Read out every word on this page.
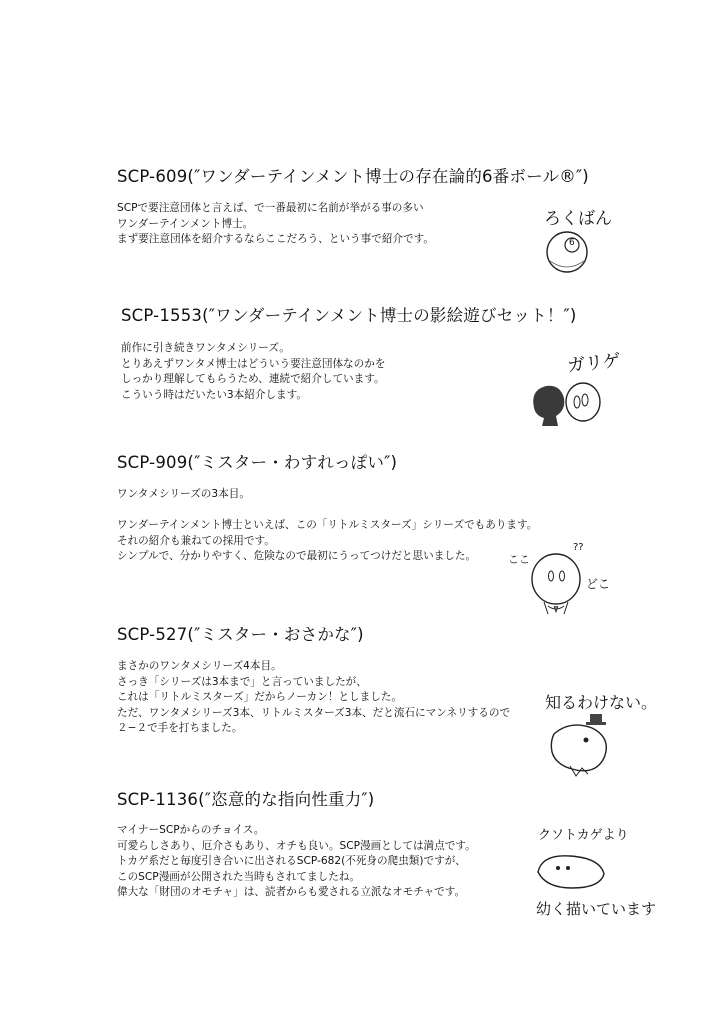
SCP-609(″ワンダーテインメント博士の存在論的6番ボール®″)
SCPで要注意団体と言えば、で一番最初に名前が挙がる事の多い
ワンダーテインメント博士。
まず要注意団体を紹介するならここだろう、という事で紹介です。
ろくばん
6
SCP-1553(″ワンダーテインメント博士の影絵遊びセット！″)
前作に引き続きワンタメシリーズ。
とりあえずワンタメ博士はどういう要注意団体なのかを
しっかり理解してもらうため、連続で紹介しています。
こういう時はだいたい3本紹介します。
ガリゲ
SCP-909(″ミスター・わすれっぽい″)
ワンタメシリーズの3本目。
ワンダーテインメント博士といえば、この「リトルミスターズ」シリーズでもあります。
それの紹介も兼ねての採用です。
シンプルで、分かりやすく、危険なので最初にうってつけだと思いました。	ここ
??
どこ
SCP-527(″ミスター・おさかな″)
まさかのワンタメシリーズ4本目。
さっき「シリーズは3本まで」と言っていましたが、
これは「リトルミスターズ」だからノーカン！としました。
ただ、ワンタメシリーズ3本、リトルミスターズ3本、だと流石にマンネリするので
２−２で手を打ちました。
知るわけない。
SCP-1136(″恣意的な指向性重力″)
マイナーSCPからのチョイス。
可愛らしさあり、厄介さもあり、オチも良い。SCP漫画としては満点です。
トカゲ系だと毎度引き合いに出されるSCP-682(不死身の爬虫類)ですが、
このSCP漫画が公開された当時もされてましたね。
偉大な「財団のオモチャ」は、読者からも愛される立派なオモチャです。
クソトカゲより
幼く描いています
